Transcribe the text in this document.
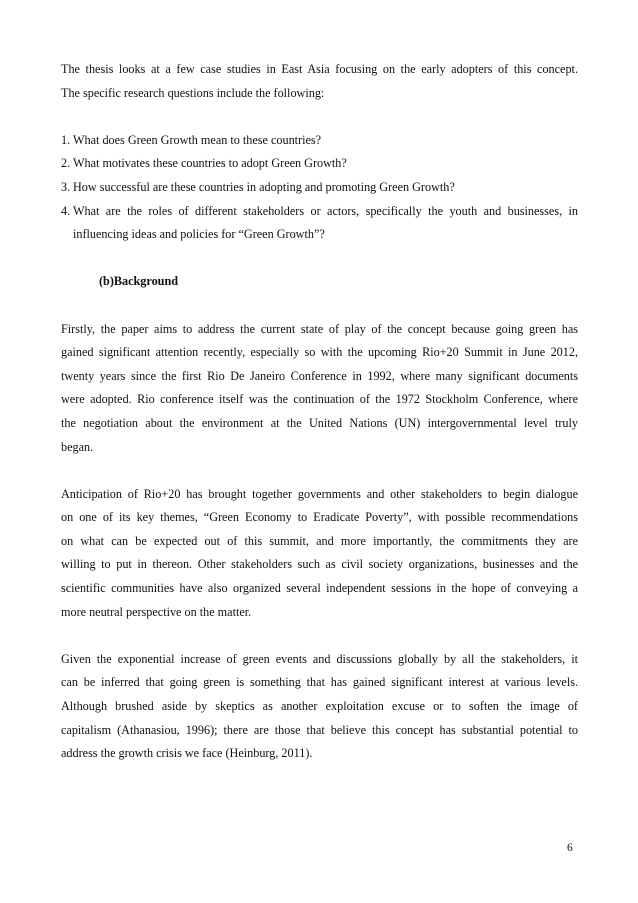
The thesis looks at a few case studies in East Asia focusing on the early adopters of this concept.
The specific research questions include the following:

1. What does Green Growth mean to these countries?
2. What motivates these countries to adopt Green Growth?
3. How successful are these countries in adopting and promoting Green Growth?
4. What are the roles of different stakeholders or actors, specifically the youth and businesses, in
influencing ideas and policies for “Green Growth”?

(b)Background

Firstly, the paper aims to address the current state of play of the concept because going green has
gained significant attention recently, especially so with the upcoming Rio+20 Summit in June 2012,
twenty years since the first Rio De Janeiro Conference in 1992, where many significant documents
were adopted. Rio conference itself was the continuation of the 1972 Stockholm Conference, where
the negotiation about the environment at the United Nations (UN) intergovernmental level truly
began.

Anticipation of Rio+20 has brought together governments and other stakeholders to begin dialogue
on one of its key themes, “Green Economy to Eradicate Poverty”, with possible recommendations
on what can be expected out of this summit, and more importantly, the commitments they are
willing to put in thereon. Other stakeholders such as civil society organizations, businesses and the
scientific communities have also organized several independent sessions in the hope of conveying a
more neutral perspective on the matter.

Given the exponential increase of green events and discussions globally by all the stakeholders, it
can be inferred that going green is something that has gained significant interest at various levels.
Although brushed aside by skeptics as another exploitation excuse or to soften the image of
capitalism (Athanasiou, 1996); there are those that believe this concept has substantial potential to
address the growth crisis we face (Heinburg, 2011).

6
